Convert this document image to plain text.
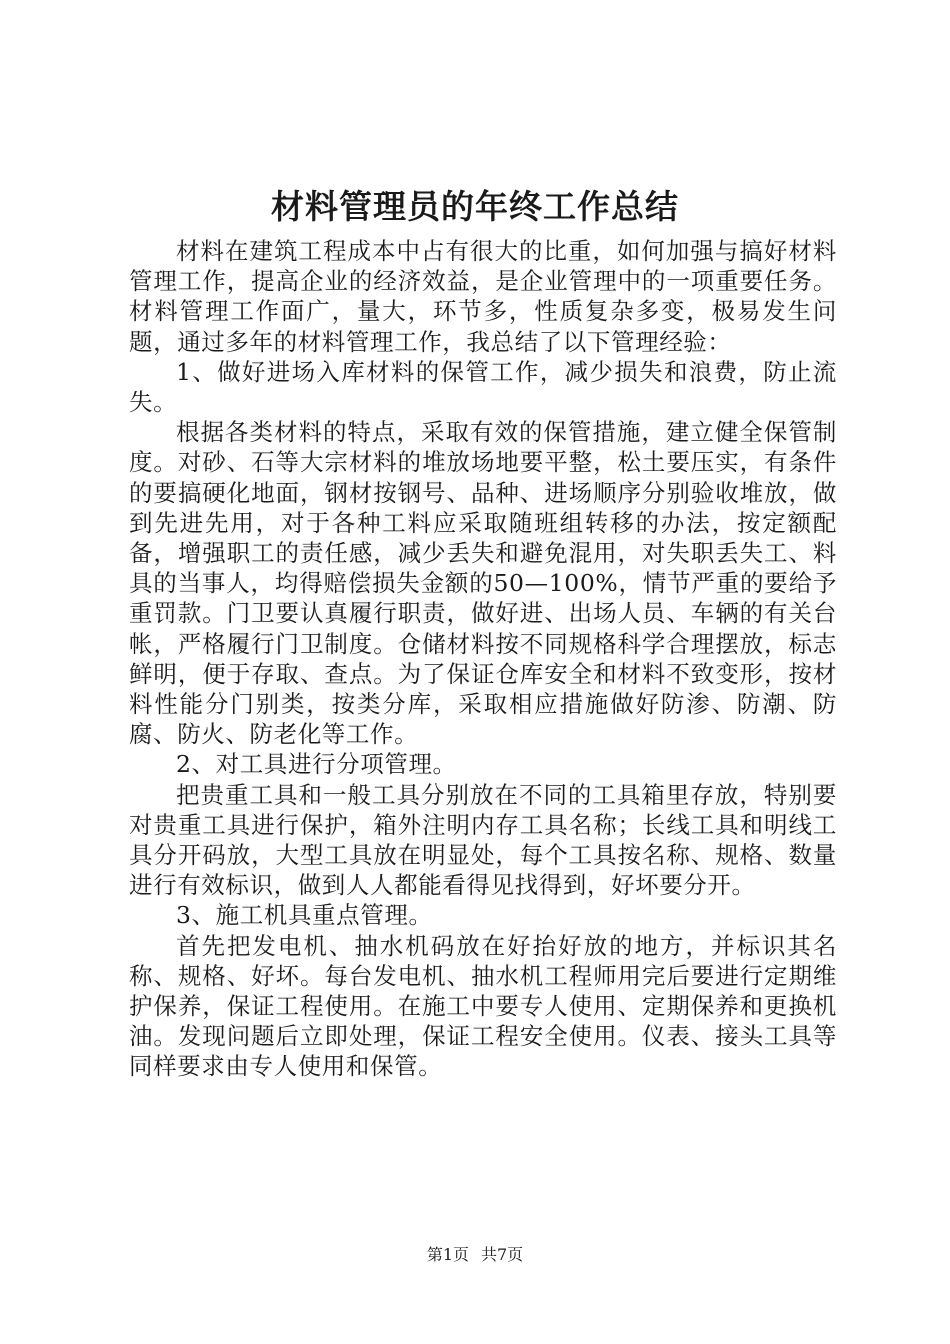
材料管理员的年终工作总结

材料在建筑工程成本中占有很大的比重，如何加强与搞好材料管理工作，提高企业的经济效益，是企业管理中的一项重要任务。材料管理工作面广，量大，环节多，性质复杂多变，极易发生问题，通过多年的材料管理工作，我总结了以下管理经验：

1、做好进场入库材料的保管工作，减少损失和浪费，防止流失。

根据各类材料的特点，采取有效的保管措施，建立健全保管制度。对砂、石等大宗材料的堆放场地要平整，松土要压实，有条件的要搞硬化地面，钢材按钢号、品种、进场顺序分别验收堆放，做到先进先用，对于各种工料应采取随班组转移的办法，按定额配备，增强职工的责任感，减少丢失和避免混用，对失职丢失工、料具的当事人，均得赔偿损失金额的50—100%，情节严重的要给予重罚款。门卫要认真履行职责，做好进、出场人员、车辆的有关台帐，严格履行门卫制度。仓储材料按不同规格科学合理摆放，标志鲜明，便于存取、查点。为了保证仓库安全和材料不致变形，按材料性能分门别类，按类分库，采取相应措施做好防渗、防潮、防腐、防火、防老化等工作。

2、对工具进行分项管理。

把贵重工具和一般工具分别放在不同的工具箱里存放，特别要对贵重工具进行保护，箱外注明内存工具名称；长线工具和明线工具分开码放，大型工具放在明显处，每个工具按名称、规格、数量进行有效标识，做到人人都能看得见找得到，好坏要分开。

3、施工机具重点管理。

首先把发电机、抽水机码放在好抬好放的地方，并标识其名称、规格、好坏。每台发电机、抽水机工程师用完后要进行定期维护保养，保证工程使用。在施工中要专人使用、定期保养和更换机油。发现问题后立即处理，保证工程安全使用。仪表、接头工具等同样要求由专人使用和保管。

第1页 共7页
